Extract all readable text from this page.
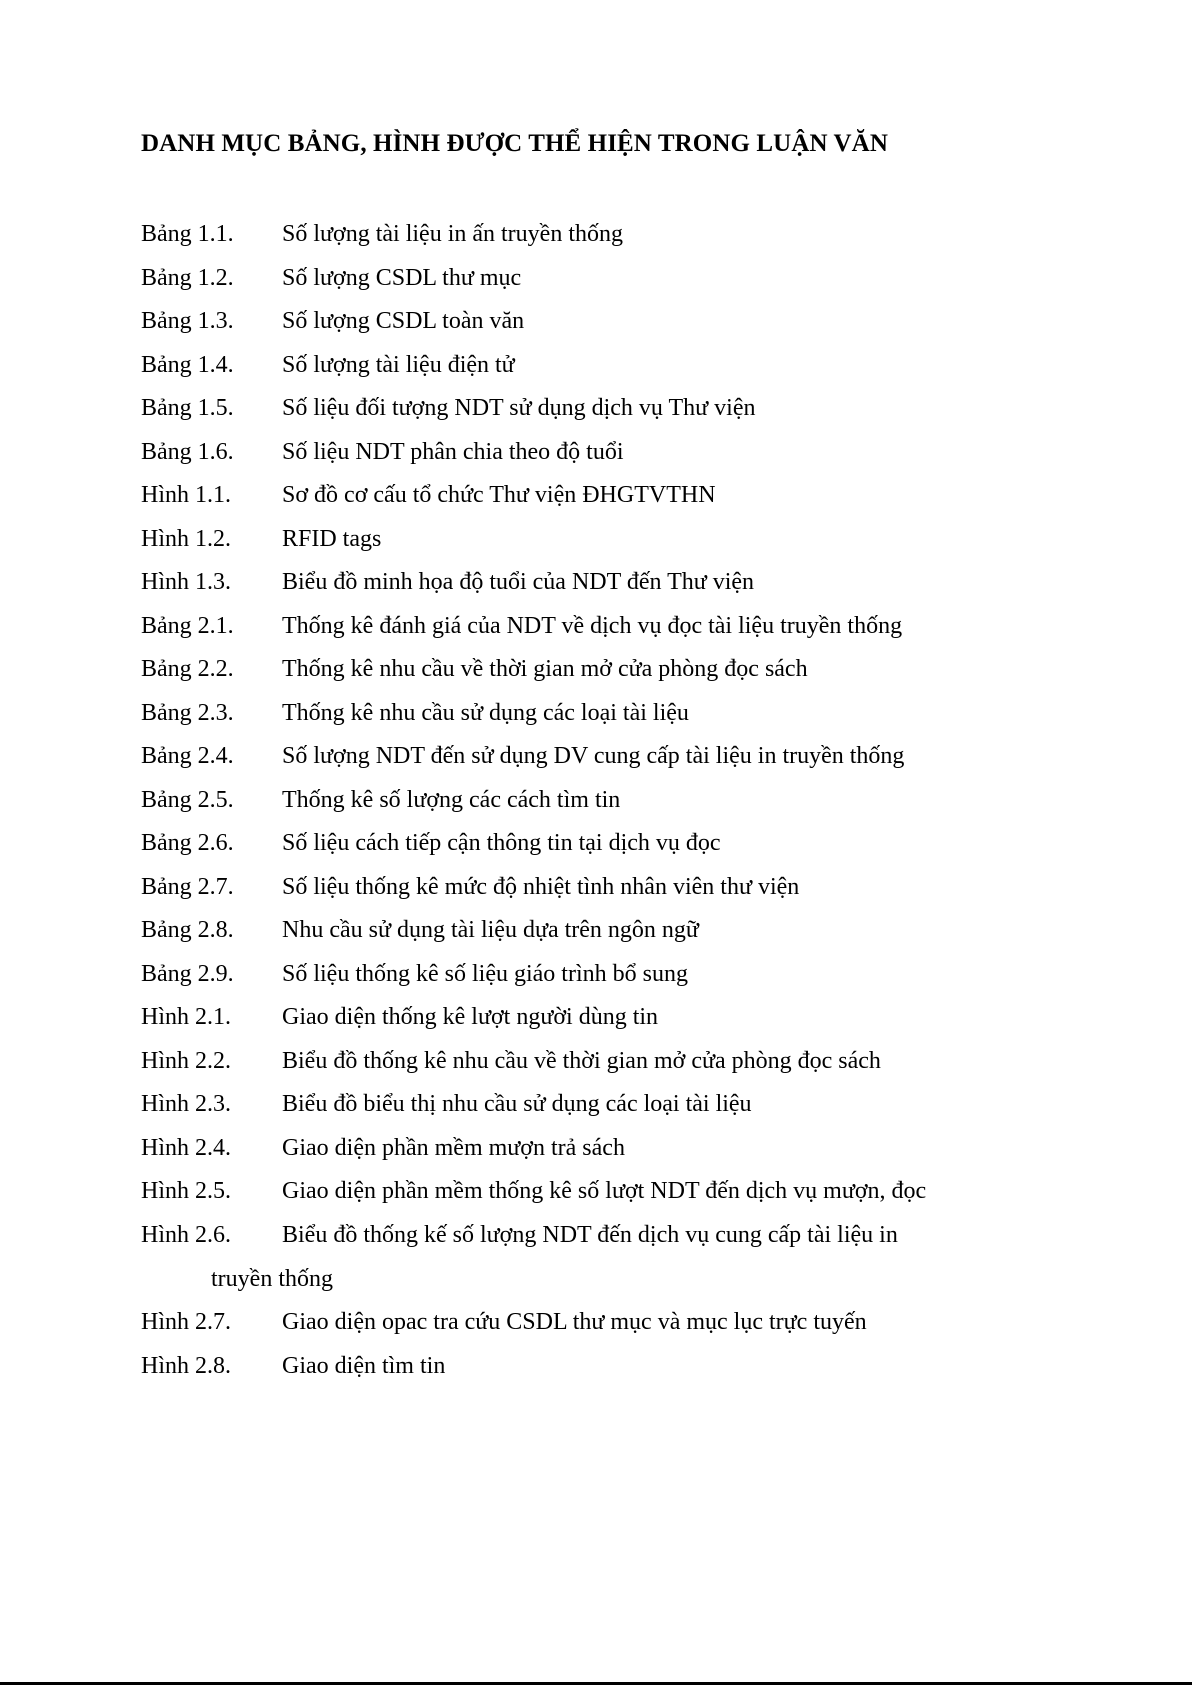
DANH MỤC BẢNG, HÌNH ĐƯỢC THỂ HIỆN TRONG LUẬN VĂN
Bảng 1.1. Số lượng tài liệu in ấn truyền thống
Bảng 1.2. Số lượng CSDL thư mục
Bảng 1.3. Số lượng CSDL toàn văn
Bảng 1.4. Số lượng tài liệu điện tử
Bảng 1.5. Số liệu đối tượng NDT sử dụng dịch vụ Thư viện
Bảng 1.6. Số liệu NDT phân chia theo độ tuổi
Hình 1.1. Sơ đồ cơ cấu tổ chức Thư viện ĐHGTVTHN
Hình 1.2. RFID tags
Hình 1.3. Biểu đồ minh họa độ tuổi của NDT đến Thư viện
Bảng 2.1. Thống kê đánh giá của NDT về dịch vụ đọc tài liệu truyền thống
Bảng 2.2. Thống kê nhu cầu về thời gian mở cửa phòng đọc sách
Bảng 2.3. Thống kê nhu cầu sử dụng các loại tài liệu
Bảng 2.4. Số lượng NDT đến sử dụng DV cung cấp tài liệu in truyền thống
Bảng 2.5. Thống kê số lượng các cách tìm tin
Bảng 2.6. Số liệu cách tiếp cận thông tin tại dịch vụ đọc
Bảng 2.7. Số liệu thống kê mức độ nhiệt tình nhân viên thư viện
Bảng 2.8. Nhu cầu sử dụng tài liệu dựa trên ngôn ngữ
Bảng 2.9. Số liệu thống kê số liệu giáo trình bổ sung
Hình 2.1. Giao diện thống kê lượt người dùng tin
Hình 2.2. Biểu đồ thống kê nhu cầu về thời gian mở cửa phòng đọc sách
Hình 2.3. Biểu đồ biểu thị nhu cầu sử dụng các loại tài liệu
Hình 2.4. Giao diện phần mềm mượn trả sách
Hình 2.5. Giao diện phần mềm thống kê số lượt NDT đến dịch vụ mượn, đọc
Hình 2.6. Biểu đồ thống kế số lượng NDT đến dịch vụ cung cấp tài liệu in
truyền thống
Hình 2.7. Giao diện opac tra cứu CSDL thư mục và mục lục trực tuyến
Hình 2.8. Giao diện tìm tin
